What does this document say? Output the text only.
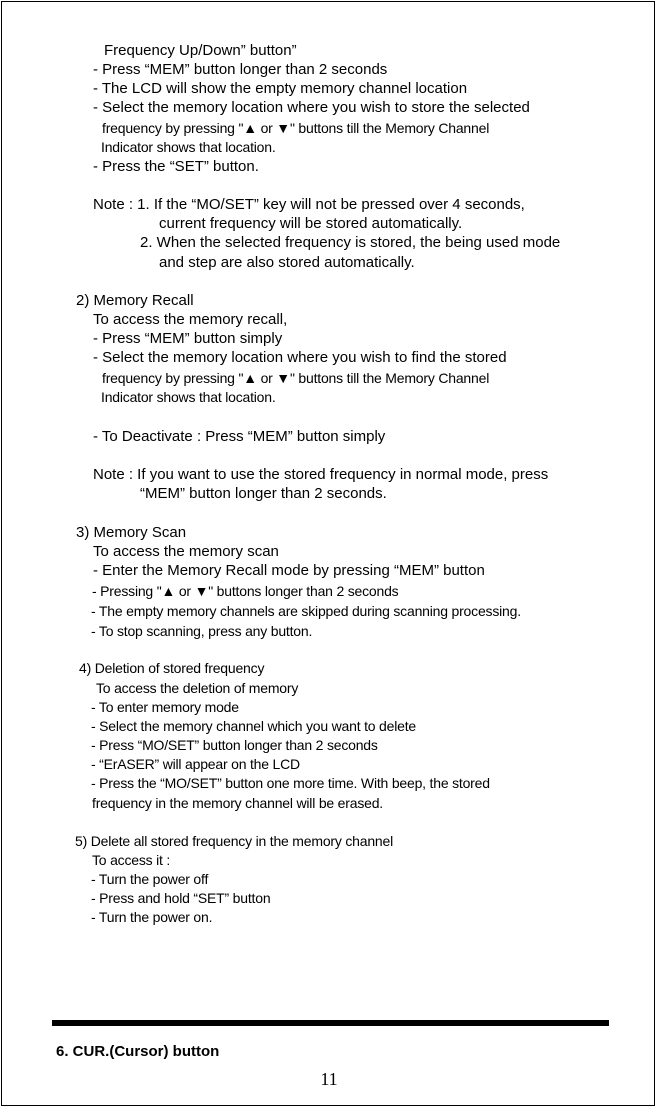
Frequency Up/Down” button”
- Press “MEM” button longer than 2 seconds
- The LCD will show the empty memory channel location
- Select the memory location where you wish to store the selected
frequency by pressing "▲ or ▼" buttons till the Memory Channel
Indicator shows that location.
- Press the “SET” button.
Note : 1. If the “MO/SET” key will not be pressed over 4 seconds,
current frequency will be stored automatically.
2. When the selected frequency is stored, the being used mode
and step are also stored automatically.
2) Memory Recall
To access the memory recall,
- Press “MEM” button simply
- Select the memory location where you wish to find the stored
frequency by pressing "▲ or ▼" buttons till the Memory Channel
Indicator shows that location.
- To Deactivate : Press “MEM” button simply
Note : If you want to use the stored frequency in normal mode, press
“MEM” button longer than 2 seconds.
3) Memory Scan
To access the memory scan
- Enter the Memory Recall mode by pressing “MEM” button
- Pressing "▲ or ▼" buttons longer than 2 seconds
- The empty memory channels are skipped during scanning processing.
- To stop scanning, press any button.
4) Deletion of stored frequency
To access the deletion of memory
- To enter memory mode
- Select the memory channel which you want to delete
- Press “MO/SET” button longer than 2 seconds
- “ErASER” will appear on the LCD
- Press the “MO/SET” button one more time. With beep, the stored
frequency in the memory channel will be erased.
5) Delete all stored frequency in the memory channel
To access it :
- Turn the power off
- Press and hold “SET” button
- Turn the power on.
6. CUR.(Cursor) button
11
